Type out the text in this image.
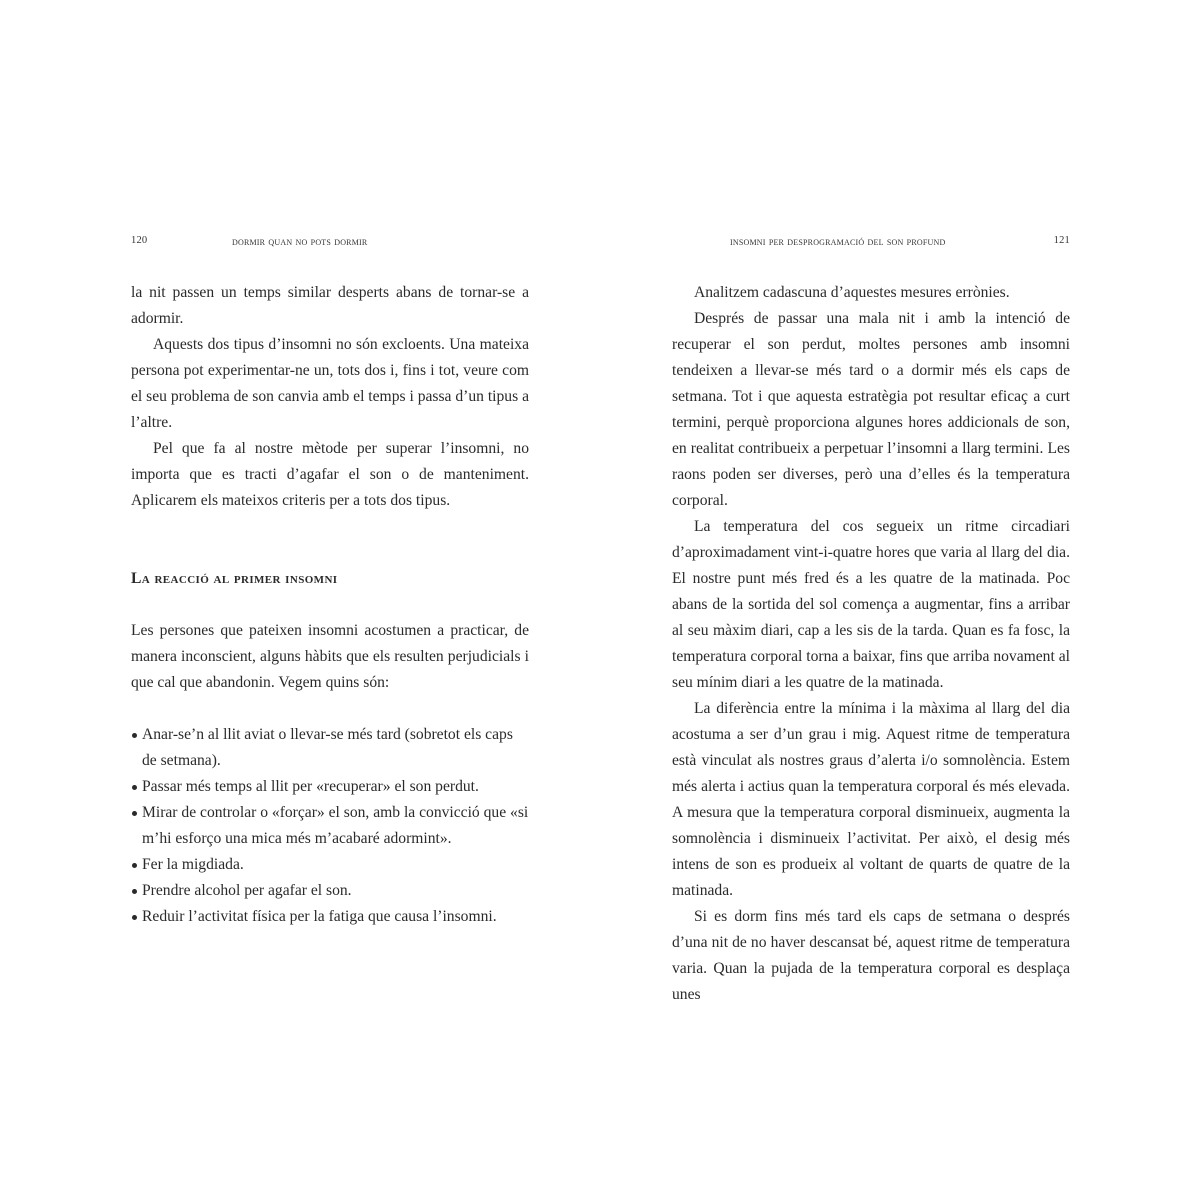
120	dormir quan no pots dormir

la nit passen un temps similar desperts abans de tornar-se a adormir.

Aquests dos tipus d’insomni no són excloents. Una mateixa persona pot experimentar-ne un, tots dos i, fins i tot, veure com el seu problema de son canvia amb el temps i passa d’un tipus a l’altre.

Pel que fa al nostre mètode per superar l’insomni, no importa que es tracti d’agafar el son o de manteniment. Aplicarem els mateixos criteris per a tots dos tipus.

La reacció al primer insomni

Les persones que pateixen insomni acostumen a practicar, de manera inconscient, alguns hàbits que els resulten perjudicials i que cal que abandonin. Vegem quins són:

Anar-se’n al llit aviat o llevar-se més tard (sobretot els caps de setmana).
Passar més temps al llit per «recuperar» el son perdut.
Mirar de controlar o «forçar» el son, amb la convicció que «si m’hi esforço una mica més m’acabaré adormint».
Fer la migdiada.
Prendre alcohol per agafar el son.
Reduir l’activitat física per la fatiga que causa l’insomni.
insomni per desprogramació del son profund	121

Analitzem cadascuna d’aquestes mesures errònies.

Després de passar una mala nit i amb la intenció de recuperar el son perdut, moltes persones amb insomni tendeixen a llevar-se més tard o a dormir més els caps de setmana. Tot i que aquesta estratègia pot resultar eficaç a curt termini, perquè proporciona algunes hores addicionals de son, en realitat contribueix a perpetuar l’insomni a llarg termini. Les raons poden ser diverses, però una d’elles és la temperatura corporal.

La temperatura del cos segueix un ritme circadiari d’aproximadament vint-i-quatre hores que varia al llarg del dia. El nostre punt més fred és a les quatre de la matinada. Poc abans de la sortida del sol comença a augmentar, fins a arribar al seu màxim diari, cap a les sis de la tarda. Quan es fa fosc, la temperatura corporal torna a baixar, fins que arriba novament al seu mínim diari a les quatre de la matinada.

La diferència entre la mínima i la màxima al llarg del dia acostuma a ser d’un grau i mig. Aquest ritme de temperatura està vinculat als nostres graus d’alerta i/o somnolència. Estem més alerta i actius quan la temperatura corporal és més elevada. A mesura que la temperatura corporal disminueix, augmenta la somnolència i disminueix l’activitat. Per això, el desig més intens de son es produeix al voltant de quarts de quatre de la matinada.

Si es dorm fins més tard els caps de setmana o després d’una nit de no haver descansat bé, aquest ritme de temperatura varia. Quan la pujada de la temperatura corporal es desplaça unes
